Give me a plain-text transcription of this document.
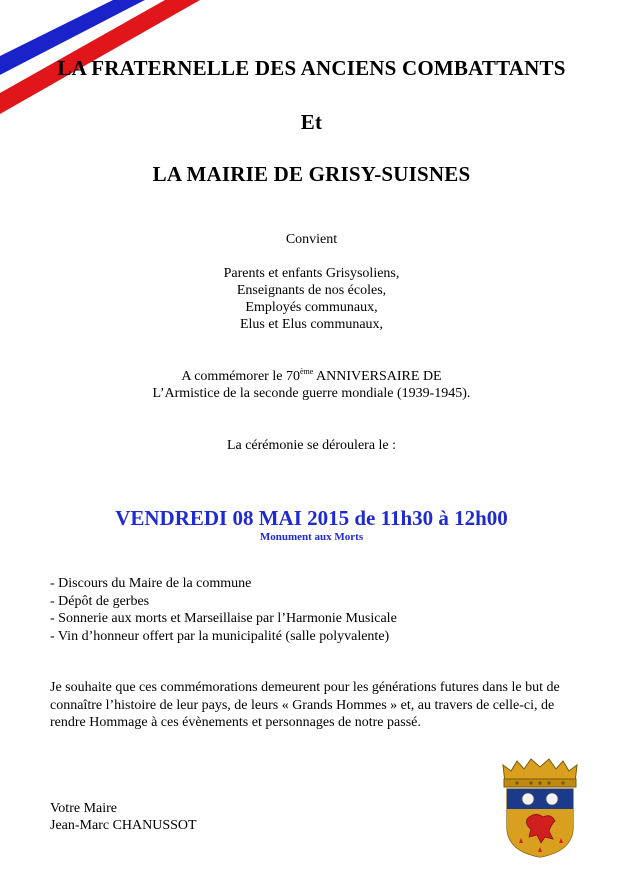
LA FRATERNELLE DES ANCIENS COMBATTANTS
Et
LA MAIRIE DE GRISY-SUISNES
Convient
Parents et enfants Grisysoliens,
Enseignants de nos écoles,
Employés communaux,
Elus et Elus communaux,
A commémorer le 70ème ANNIVERSAIRE DE
L’Armistice de la seconde guerre mondiale (1939-1945).
La cérémonie se déroulera le :
VENDREDI 08 MAI 2015 de 11h30 à 12h00
Monument aux Morts
- Discours du Maire de la commune
- Dépôt de gerbes
- Sonnerie aux morts et Marseillaise par l’Harmonie Musicale
- Vin d’honneur offert par la municipalité (salle polyvalente)

Je souhaite que ces commémorations demeurent pour les générations futures dans le but de connaître l’histoire de leur pays, de leurs « Grands Hommes » et, au travers de celle-ci, de rendre Hommage à ces évènements et personnages de notre passé.

Votre Maire
Jean-Marc CHANUSSOT
